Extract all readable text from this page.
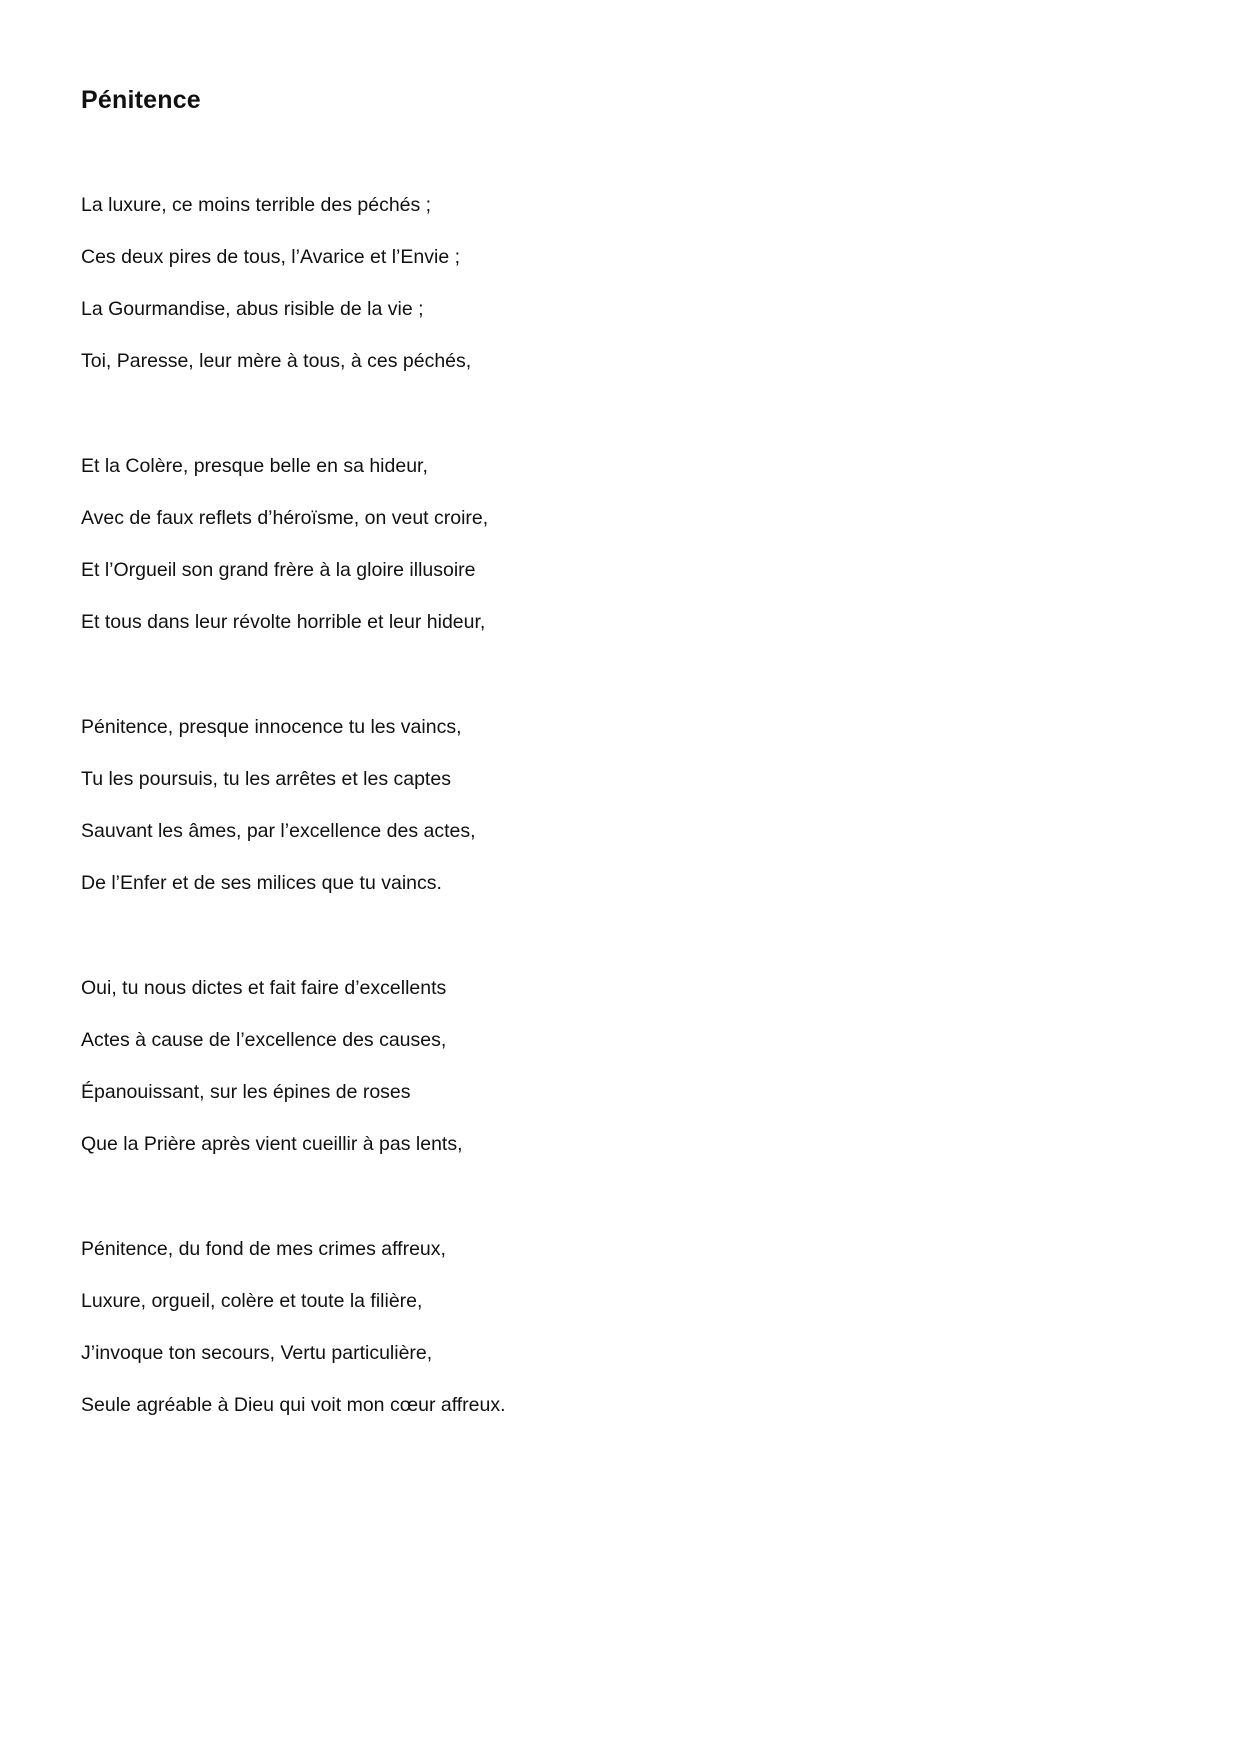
Pénitence
La luxure, ce moins terrible des péchés ;
Ces deux pires de tous, l’Avarice et l’Envie ;
La Gourmandise, abus risible de la vie ;
Toi, Paresse, leur mère à tous, à ces péchés,
Et la Colère, presque belle en sa hideur,
Avec de faux reflets d’héroïsme, on veut croire,
Et l’Orgueil son grand frère à la gloire illusoire
Et tous dans leur révolte horrible et leur hideur,
Pénitence, presque innocence tu les vaincs,
Tu les poursuis, tu les arrêtes et les captes
Sauvant les âmes, par l’excellence des actes,
De l’Enfer et de ses milices que tu vaincs.
Oui, tu nous dictes et fait faire d’excellents
Actes à cause de l’excellence des causes,
Épanouissant, sur les épines de roses
Que la Prière après vient cueillir à pas lents,
Pénitence, du fond de mes crimes affreux,
Luxure, orgueil, colère et toute la filière,
J’invoque ton secours, Vertu particulière,
Seule agréable à Dieu qui voit mon cœur affreux.
